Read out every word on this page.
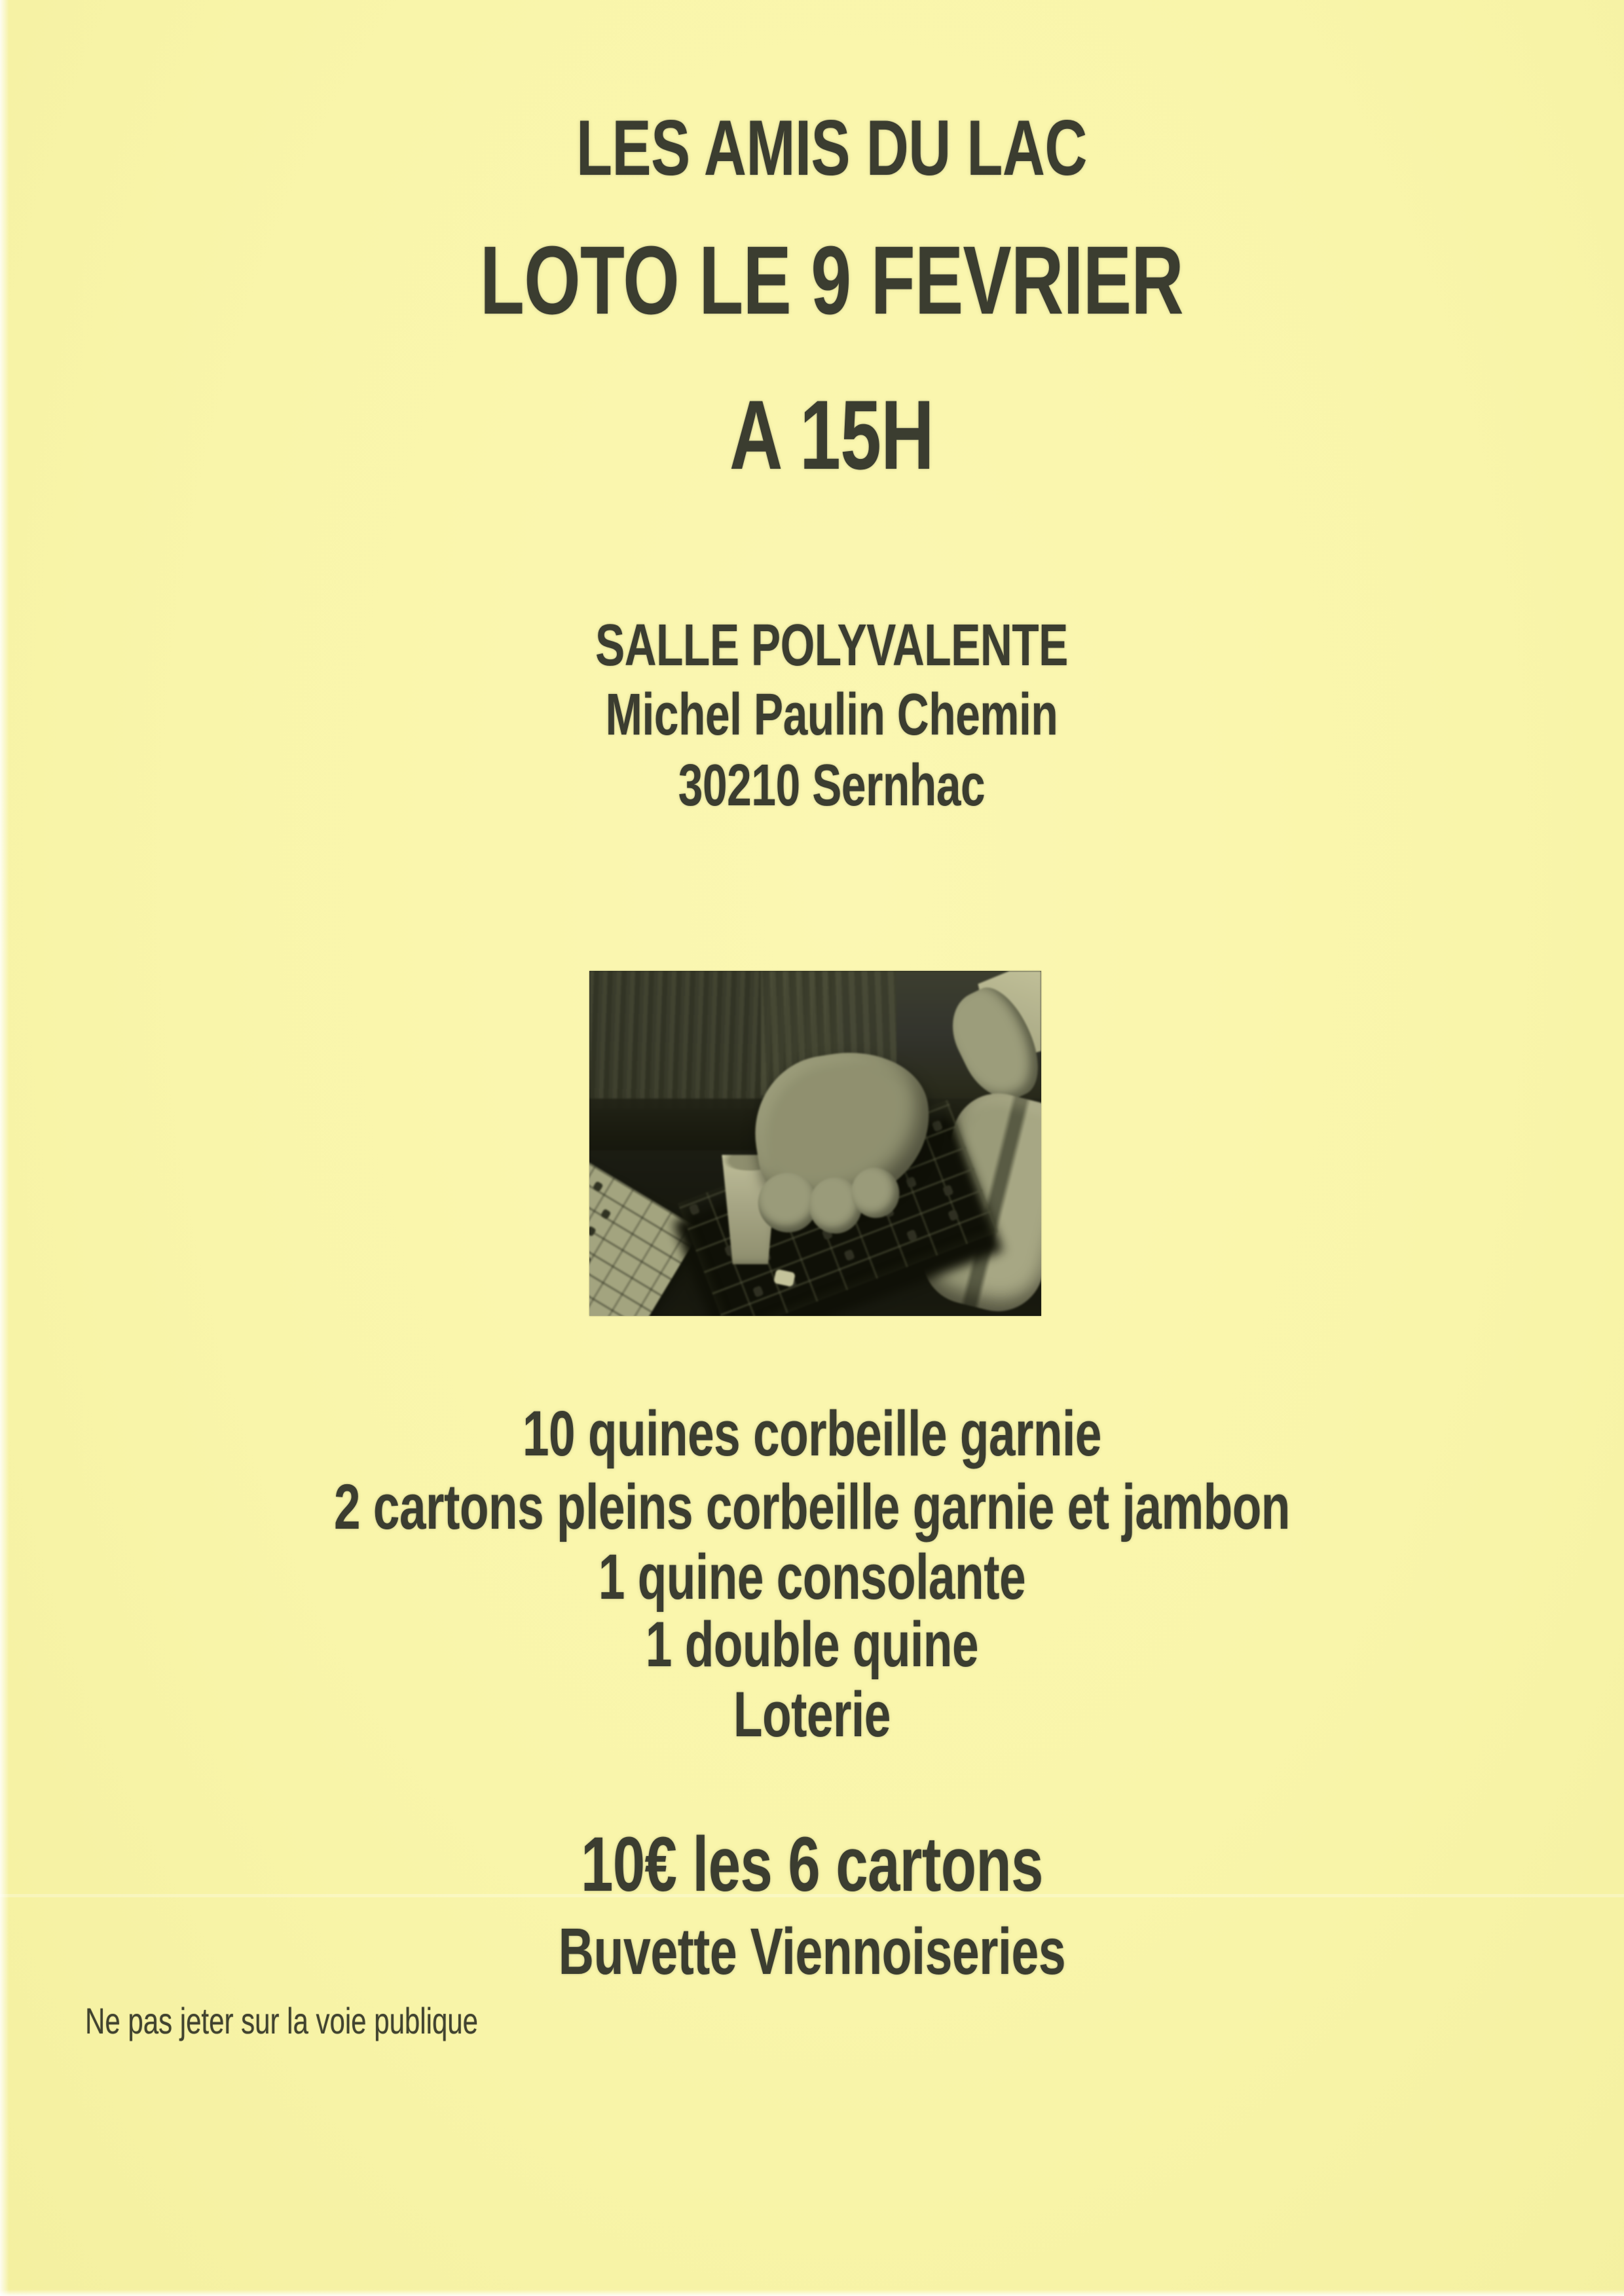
LES AMIS DU LAC
LOTO LE 9 FEVRIER
A 15H
SALLE POLYVALENTE
Michel Paulin Chemin
30210 Sernhac
10 quines corbeille garnie
2 cartons pleins corbeille garnie et jambon
1 quine consolante
1 double quine
Loterie
10€ les 6 cartons
Buvette Viennoiseries
Ne pas jeter sur la voie publique
